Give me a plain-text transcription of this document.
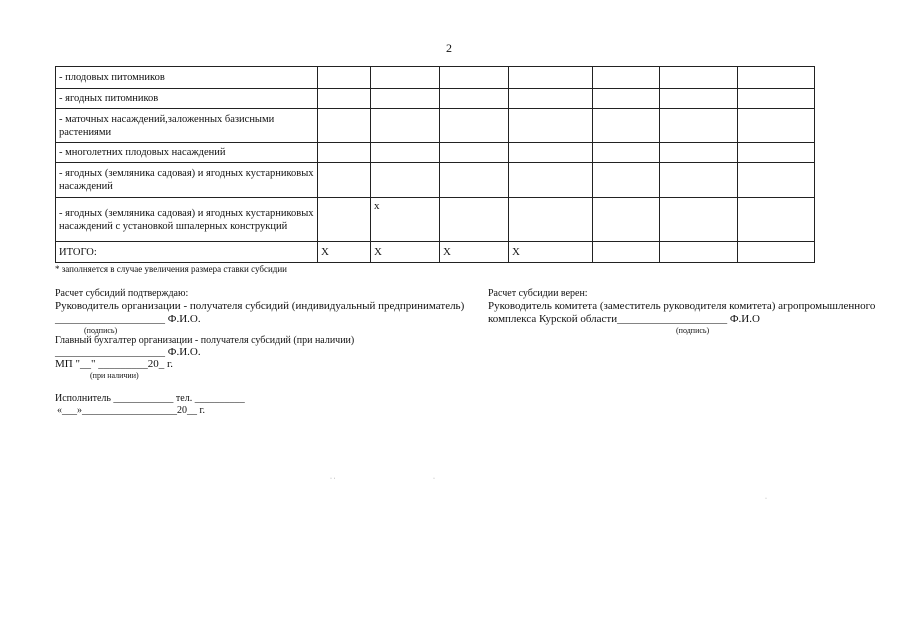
2
- плодовых питомников							
- ягодных питомников							
- маточных насаждений,заложенных базисными растениями							
- многолетних плодовых насаждений							
- ягодных (земляника садовая) и ягодных кустарниковых насаждений							
- ягодных (земляника садовая) и ягодных кустарниковых насаждений с установкой шпалерных конструкций		x					
ИТОГО:	X	X	X	X			
* заполняется в случае увеличения размера ставки субсидии
Расчет субсидий подтверждаю:
Руководитель организации - получателя субсидий (индивидуальный предприниматель)
____________________ Ф.И.О.
(подпись)
Главный бухгалтер организации - получателя субсидий (при наличии)
____________________ Ф.И.О.
МП "__" _________20_ г.
(при наличии)
Исполнитель ____________ тел. __________
«___»___________________20__ г.
Расчет субсидии верен:
Руководитель комитета (заместитель руководителя комитета) агропромышленного
комплекса Курской области____________________ Ф.И.О
(подпись)
· ·	·
·
